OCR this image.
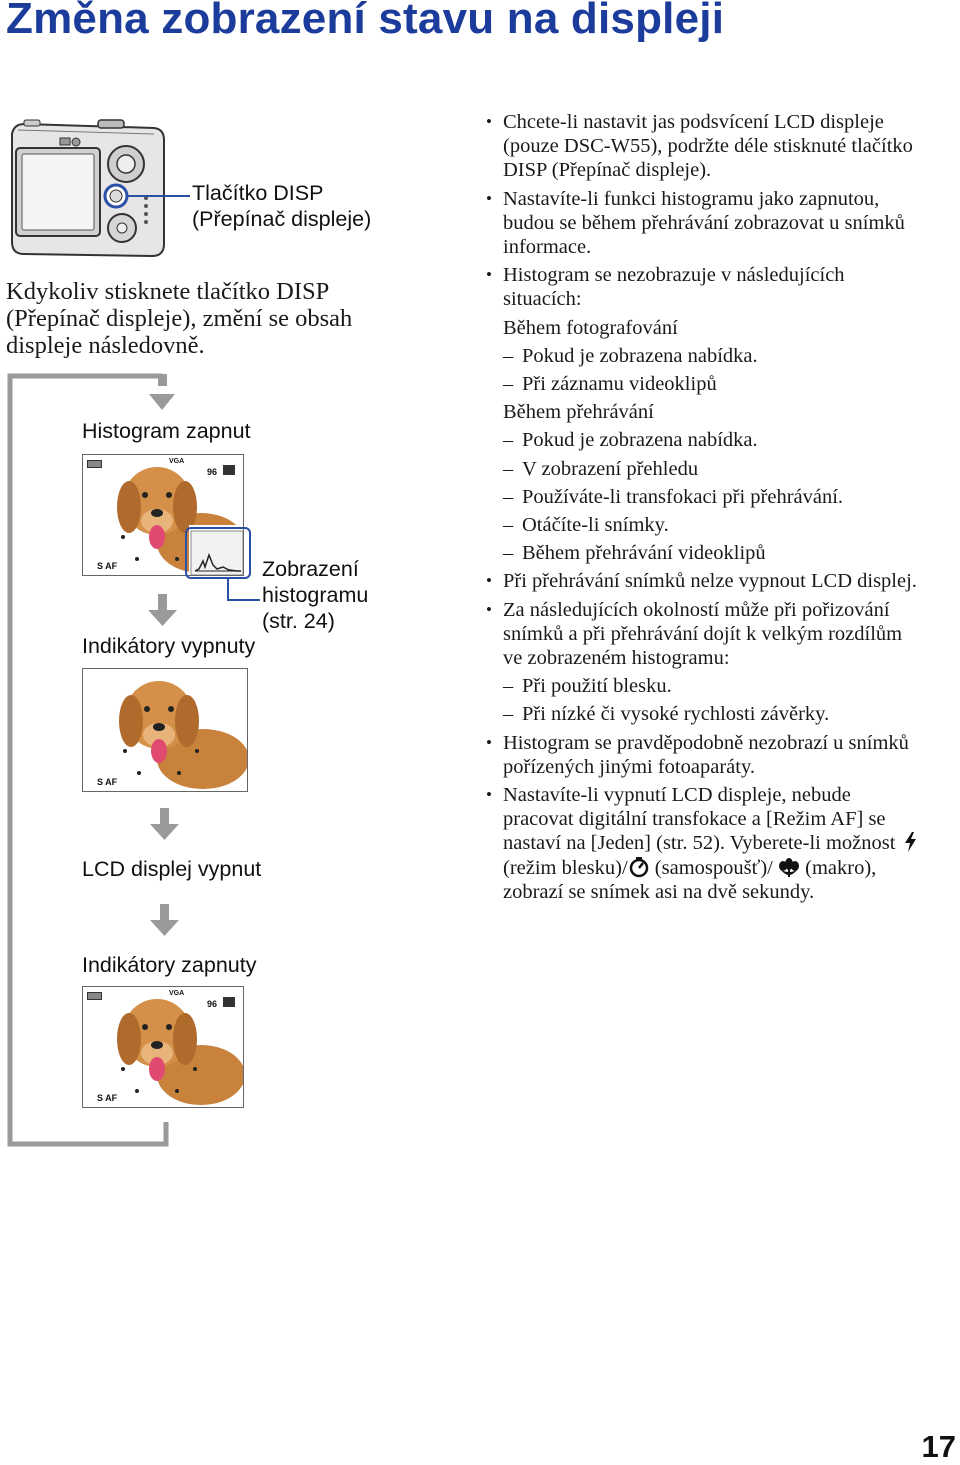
Změna zobrazení stavu na displeji
Tlačítko DISP
(Přepínač displeje)
Kdykoliv stisknete tlačítko DISP (Přepínač displeje), změní se obsah displeje následovně.
Histogram zapnut
Indikátory vypnuty
LCD displej vypnut
Indikátory zapnuty
VGA
96
S AF	Zobrazení
histogramu
(str. 24)
S AF
VGA
96
S AF
• Chcete-li nastavit jas podsvícení LCD displeje (pouze DSC-W55), podržte déle stisknuté tlačítko DISP (Přepínač displeje).
• Nastavíte-li funkci histogramu jako zapnutou, budou se během přehrávání zobrazovat u snímků informace.
• Histogram se nezobrazuje v následujících situacích:
Během fotografování
– Pokud je zobrazena nabídka.
– Při záznamu videoklipů
Během přehrávání
– Pokud je zobrazena nabídka.
– V zobrazení přehledu
– Používáte-li transfokaci při přehrávání.
– Otáčíte-li snímky.
– Během přehrávání videoklipů
• Při přehrávání snímků nelze vypnout LCD displej.
• Za následujících okolností může při pořizování snímků a při přehrávání dojít k velkým rozdílům ve zobrazeném histogramu:
– Při použití blesku.
– Při nízké či vysoké rychlosti závěrky.
• Histogram se pravděpodobně nezobrazí u snímků pořízených jinými fotoaparáty.
• Nastavíte-li vypnutí LCD displeje, nebude pracovat digitální transfokace a [Režim AF] se nastaví na [Jeden] (str. 52). Vyberete-li možnost  (režim blesku)/ (samospoušť)/ (makro), zobrazí se snímek asi na dvě sekundy.
17
